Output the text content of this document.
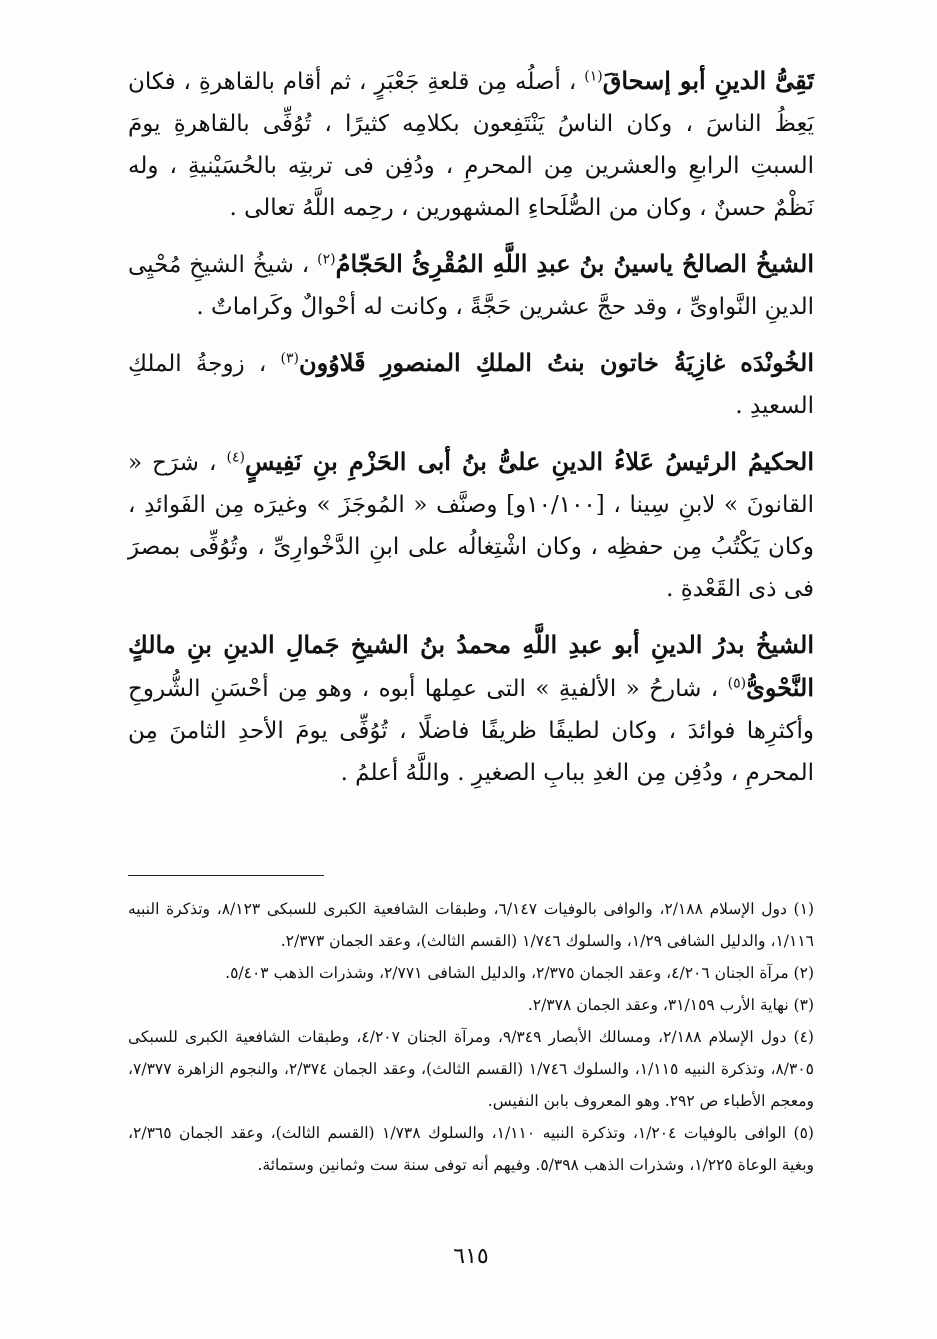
تَقِىُّ الدينِ أبو إسحاقَ$^{(١)}$ ، أصلُه مِن قلعةِ جَعْبَرٍ ، ثم أقام بالقاهرةِ ، فكان يَعِظُ الناسَ ، وكان الناسُ يَنْتَفِعون بكلامِه كثيرًا ، تُوُفِّى بالقاهرةِ يومَ السبتِ الرابعِ والعشرين مِن المحرمِ ، ودُفِن فى تربتِه بالحُسَيْنيةِ ، وله نَظْمٌ حسنٌ ، وكان من الصُّلَحاءِ المشهورين ، رحِمه اللَّهُ تعالى .

الشيخُ الصالحُ ياسينُ بنُ عبدِ اللَّهِ المُقْرِئُ الحَجّامُ$^{(٢)}$ ، شيخُ الشيخِ مُحْيِى الدينِ النَّواوىِّ ، وقد حجَّ عشرين حَجَّةً ، وكانت له أحْوالٌ وكَراماتٌ .

الخُونْدَه غازِيَةُ خاتون بنتُ الملكِ المنصورِ قَلاوُون$^{(٣)}$ ، زوجةُ الملكِ السعيدِ .

الحكيمُ الرئيسُ عَلاءُ الدينِ علىُّ بنُ أبى الحَزْمِ بنِ نَفِيسٍ$^{(٤)}$ ، شرَح « القانونَ » لابنِ سِينا ، [١٠/١٠٠و] وصنَّف « المُوجَزَ » وغيرَه مِن الفَوائدِ ، وكان يَكْتُبُ مِن حفظِه ، وكان اشْتِغالُه على ابنِ الدَّخْوارِىِّ ، وتُوُفِّى بمصرَ فى ذى القَعْدةِ .

الشيخُ بدرُ الدينِ أبو عبدِ اللَّهِ محمدُ بنُ الشيخِ جَمالِ الدينِ بنِ مالكٍ النَّحْوىُّ$^{(٥)}$ ، شارحُ « الألفيةِ » التى عمِلها أبوه ، وهو مِن أحْسَنِ الشُّروحِ وأكثرِها فوائدَ ، وكان لطيفًا ظريفًا فاضلًا ، تُوُفِّى يومَ الأحدِ الثامنَ مِن المحرمِ ، ودُفِن مِن الغدِ ببابِ الصغيرِ . واللَّهُ أعلمُ .

(١) دول الإسلام ٢/١٨٨، والوافى بالوفيات ٦/١٤٧، وطبقات الشافعية الكبرى للسبكى ٨/١٢٣، وتذكرة النبيه ١/١١٦، والدليل الشافى ١/٢٩، والسلوك ١/٧٤٦ (القسم الثالث)، وعقد الجمان ٢/٣٧٣.

(٢) مرآة الجنان ٤/٢٠٦، وعقد الجمان ٢/٣٧٥، والدليل الشافى ٢/٧٧١، وشذرات الذهب ٥/٤٠٣.

(٣) نهاية الأرب ٣١/١٥٩، وعقد الجمان ٢/٣٧٨.

(٤) دول الإسلام ٢/١٨٨، ومسالك الأبصار ٩/٣٤٩، ومرآة الجنان ٤/٢٠٧، وطبقات الشافعية الكبرى للسبكى ٨/٣٠٥، وتذكرة النبيه ١/١١٥، والسلوك ١/٧٤٦ (القسم الثالث)، وعقد الجمان ٢/٣٧٤، والنجوم الزاهرة ٧/٣٧٧، ومعجم الأطباء ص ٢٩٢. وهو المعروف بابن النفيس.

(٥) الوافى بالوفيات ١/٢٠٤، وتذكرة النبيه ١/١١٠، والسلوك ١/٧٣٨ (القسم الثالث)، وعقد الجمان ٢/٣٦٥، وبغية الوعاة ١/٢٢٥، وشذرات الذهب ٥/٣٩٨. وفيهم أنه توفى سنة ست وثمانين وستمائة.

٦١٥
